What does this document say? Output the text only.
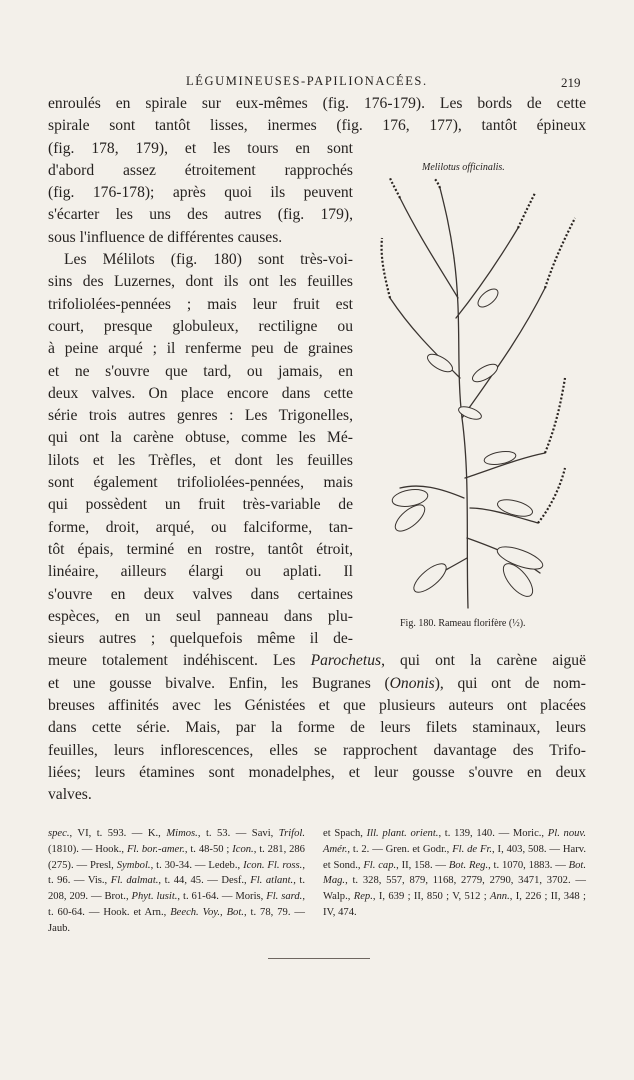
LÉGUMINEUSES-PAPILIONACÉES.	219
enroulés en spirale sur eux-mêmes (fig. 176-179). Les bords de cette
spirale sont tantôt lisses, inermes (fig. 176, 177), tantôt épineux
(fig. 178, 179), et les tours en sont
d'abord assez étroitement rapprochés
(fig. 176-178); après quoi ils peuvent
s'écarter les uns des autres (fig. 179),
sous l'influence de différentes causes.
Les Mélilots (fig. 180) sont très-voi-
sins des Luzernes, dont ils ont les feuilles
trifoliolées-pennées ; mais leur fruit est
court, presque globuleux, rectiligne ou
à peine arqué ; il renferme peu de graines
et ne s'ouvre que tard, ou jamais, en
deux valves. On place encore dans cette
série trois autres genres : Les Trigonelles,
qui ont la carène obtuse, comme les Mé-
lilots et les Trèfles, et dont les feuilles
sont également trifoliolées-pennées, mais
qui possèdent un fruit très-variable de
forme, droit, arqué, ou falciforme, tan-
tôt épais, terminé en rostre, tantôt étroit,
linéaire, ailleurs élargi ou aplati. Il
s'ouvre en deux valves dans certaines
espèces, en un seul panneau dans plu-
sieurs autres ; quelquefois même il de-
meure totalement indéhiscent. Les Parochetus, qui ont la carène aiguë
et une gousse bivalve. Enfin, les Bugranes (Ononis), qui ont de nom-
breuses affinités avec les Génistées et que plusieurs auteurs ont placées
dans cette série. Mais, par la forme de leurs filets staminaux, leurs
feuilles, leurs inflorescences, elles se rapprochent davantage des Trifo-
liées; leurs étamines sont monadelphes, et leur gousse s'ouvre en deux
valves.
Melilotus officinalis.
Fig. 180. Rameau florifère (½).
spec., VI, t. 593. — K., Mimos., t. 53. — Savi, Trifol. (1810). — Hook., Fl. bor.-amer., t. 48-50 ; Icon., t. 281, 286 (275). — Presl, Symbol., t. 30-34. — Ledeb., Icon. Fl. ross., t. 96. — Vis., Fl. dalmat., t. 44, 45. — Desf., Fl. atlant., t. 208, 209. — Brot., Phyt. lusit., t. 61-64. — Moris, Fl. sard., t. 60-64. — Hook. et Arn., Beech. Voy., Bot., t. 78, 79. — Jaub.
et Spach, Ill. plant. orient., t. 139, 140. — Moric., Pl. nouv. Amér., t. 2. — Gren. et Godr., Fl. de Fr., I, 403, 508. — Harv. et Sond., Fl. cap., II, 158. — Bot. Reg., t. 1070, 1883. — Bot. Mag., t. 328, 557, 879, 1168, 2779, 2790, 3471, 3702. — Walp., Rep., I, 639 ; II, 850 ; V, 512 ; Ann., I, 226 ; II, 348 ; IV, 474.
